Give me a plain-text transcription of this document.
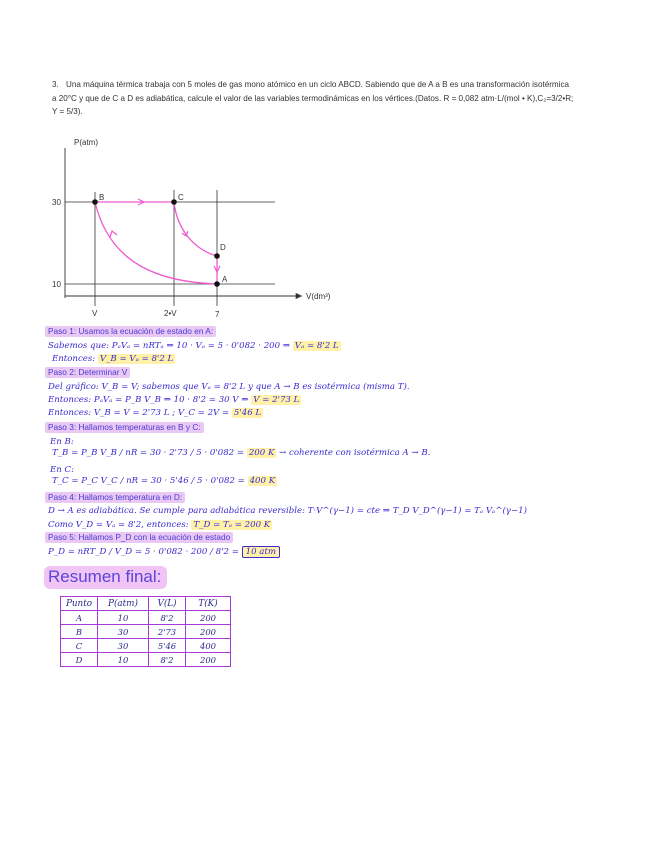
3. Una máquina térmica trabaja con 5 moles de gas mono atómico en un ciclo ABCD. Sabiendo que de A a B es una transformación isotérmica
a 20°C y que de C a D es adiabática, calcule el valor de las variables termodinámicas en los vértices.(Datos. R = 0,082 atm·L/(mol • K),C₂=3/2•R;
Y = 5/3).
P(atm)
V(dm³)
30
10
V	2•V	7
B	C
D
A
Paso 1: Usamos la ecuación de estado en A:
Sabemos que: PₐVₐ = nRTₐ ⇒ 10 · Vₐ = 5 · 0'082 · 200 ⇒ Vₐ = 8'2 L
Entonces: V_B = Vₐ = 8'2 L
Paso 2: Determinar V
Del gráfico: V_B = V; sabemos que Vₐ = 8'2 L y que A → B es isotérmica (misma T).
Entonces: PₐVₐ = P_B V_B ⇒ 10 · 8'2 = 30 V ⇒ V = 2'73 L
Entonces: V_B = V = 2'73 L ; V_C = 2V = 5'46 L
Paso 3: Hallamos temperaturas en B y C:
En B:
T_B = P_B V_B / nR = 30 · 2'73 / 5 · 0'082 = 200 K → coherente con isotérmica A → B.
En C:
T_C = P_C V_C / nR = 30 · 5'46 / 5 · 0'082 = 400 K
Paso 4: Hallamos temperatura en D:
D → A es adiabática. Se cumple para adiabática reversible: T·V^(γ−1) = cte ⇒ T_D V_D^(γ−1) = Tₐ Vₐ^(γ−1)
Como V_D = Vₐ = 8'2, entonces: T_D = Tₐ = 200 K
Paso 5: Hallamos P_D con la ecuación de estado
P_D = nRT_D / V_D = 5 · 0'082 · 200 / 8'2 = 10 atm
Resumen final:
Punto	P(atm)	V(L)	T(K)
A	10	8'2	200
B	30	2'73	200
C	30	5'46	400
D	10	8'2	200
